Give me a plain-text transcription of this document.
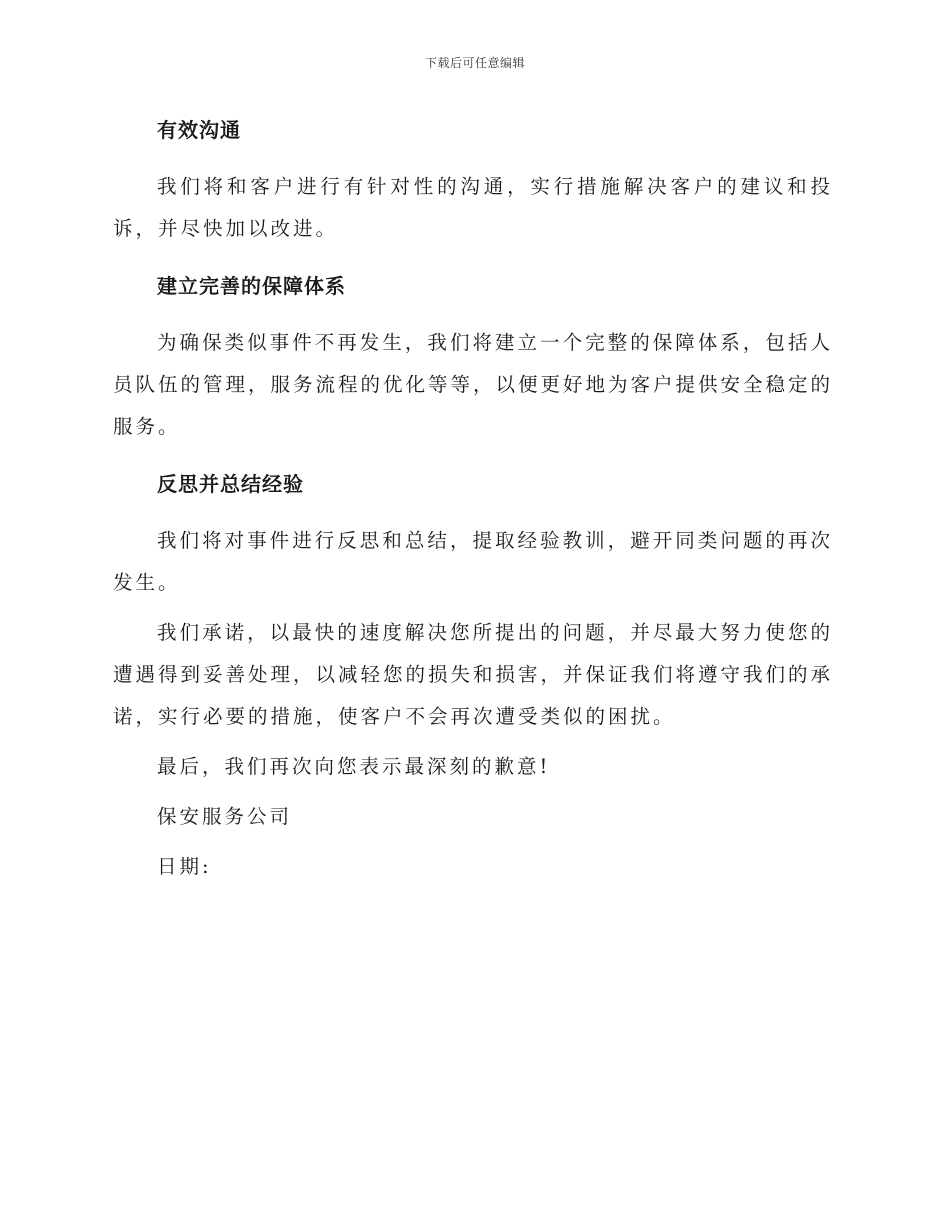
下载后可任意编辑
有效沟通

我们将和客户进行有针对性的沟通，实行措施解决客户的建议和投诉，并尽快加以改进。

建立完善的保障体系

为确保类似事件不再发生，我们将建立一个完整的保障体系，包括人员队伍的管理，服务流程的优化等等，以便更好地为客户提供安全稳定的服务。

反思并总结经验

我们将对事件进行反思和总结，提取经验教训，避开同类问题的再次发生。

我们承诺，以最快的速度解决您所提出的问题，并尽最大努力使您的遭遇得到妥善处理，以减轻您的损失和损害，并保证我们将遵守我们的承诺，实行必要的措施，使客户不会再次遭受类似的困扰。

最后，我们再次向您表示最深刻的歉意!

保安服务公司

日期:
